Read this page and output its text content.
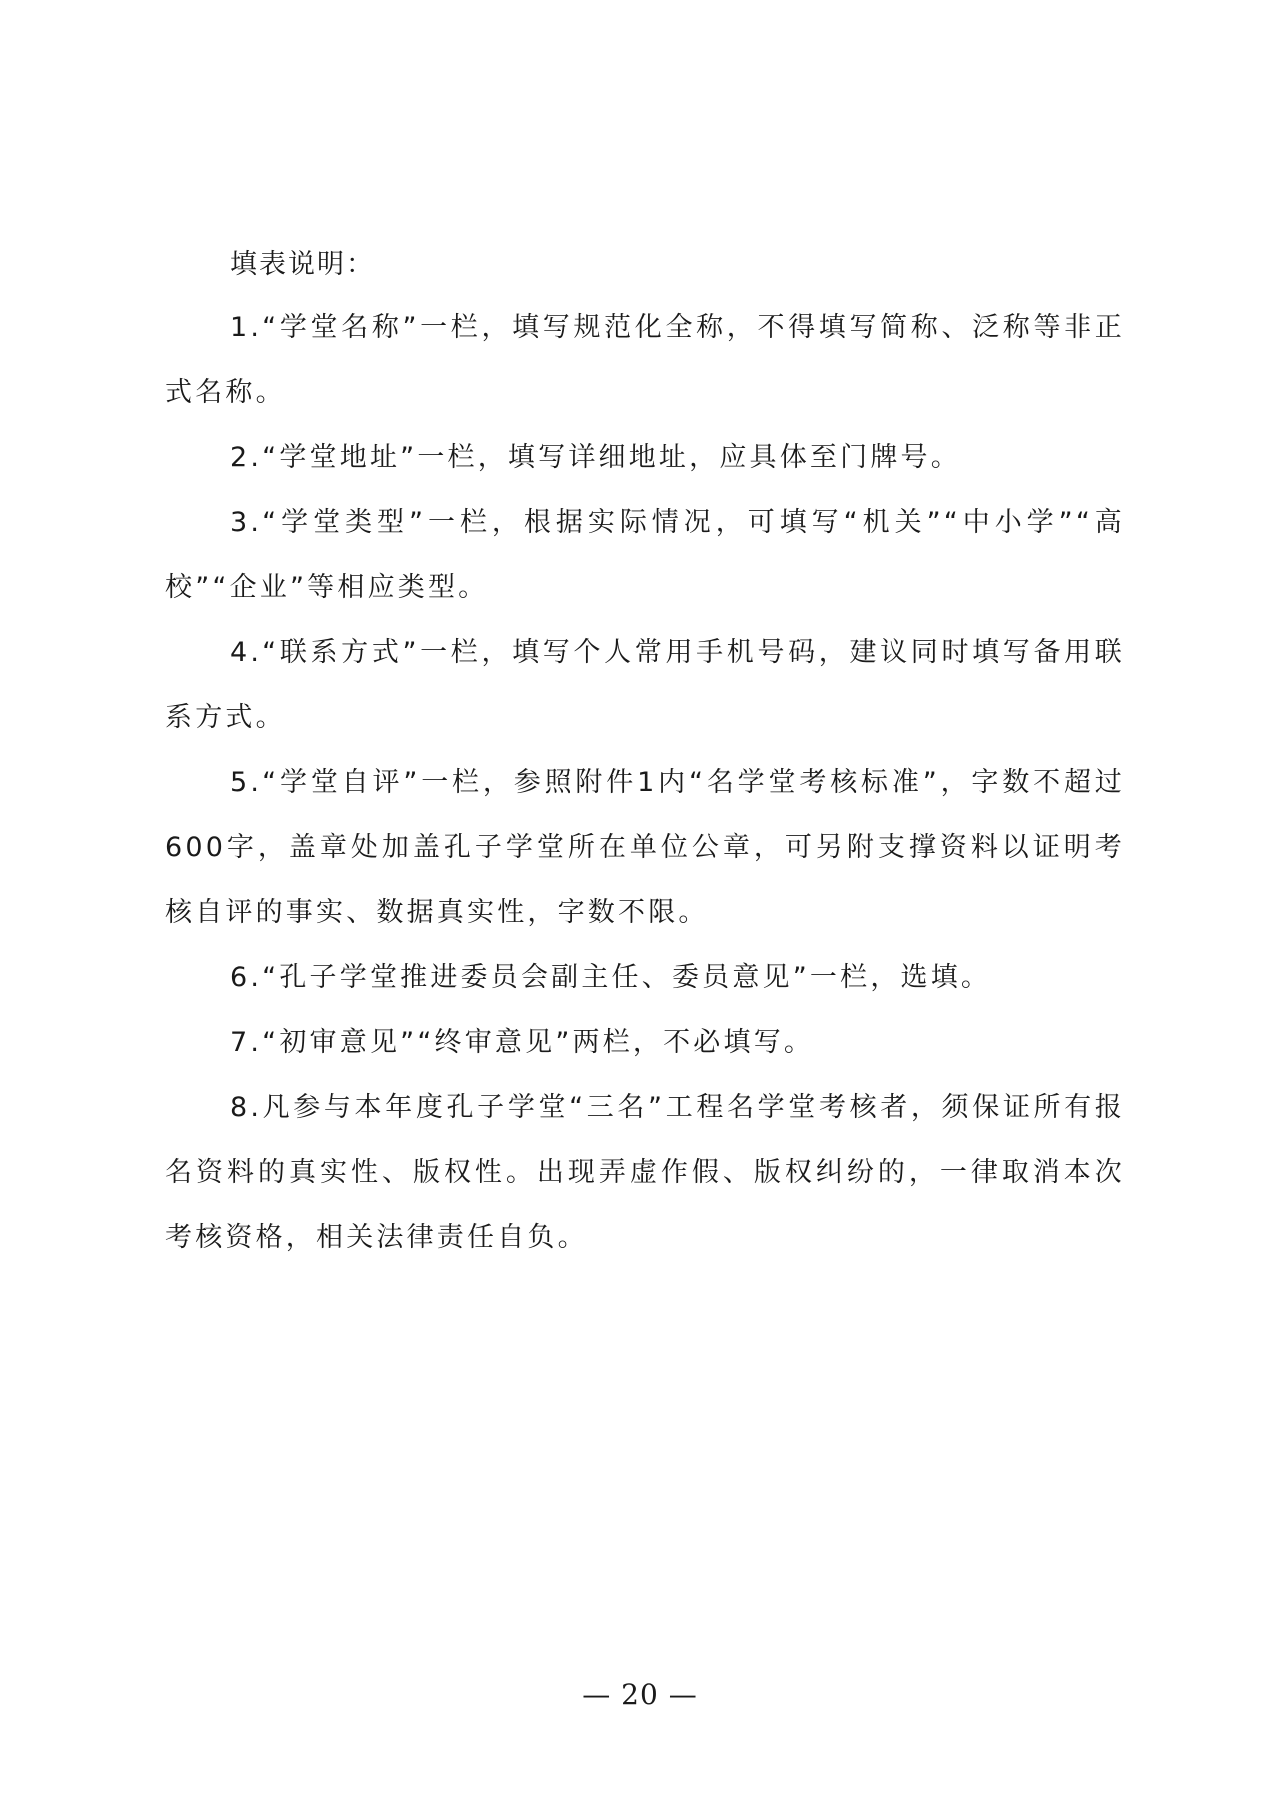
填表说明：

1.“学堂名称”一栏，填写规范化全称，不得填写简称、泛称等非正式名称。

2.“学堂地址”一栏，填写详细地址，应具体至门牌号。

3.“学堂类型”一栏，根据实际情况，可填写“机关”“中小学”“高校”“企业”等相应类型。

4.“联系方式”一栏，填写个人常用手机号码，建议同时填写备用联系方式。

5.“学堂自评”一栏，参照附件1内“名学堂考核标准”，字数不超过600字，盖章处加盖孔子学堂所在单位公章，可另附支撑资料以证明考核自评的事实、数据真实性，字数不限。

6.“孔子学堂推进委员会副主任、委员意见”一栏，选填。

7.“初审意见”“终审意见”两栏，不必填写。

8.凡参与本年度孔子学堂“三名”工程名学堂考核者，须保证所有报名资料的真实性、版权性。出现弄虚作假、版权纠纷的，一律取消本次考核资格，相关法律责任自负。

— 20 —
